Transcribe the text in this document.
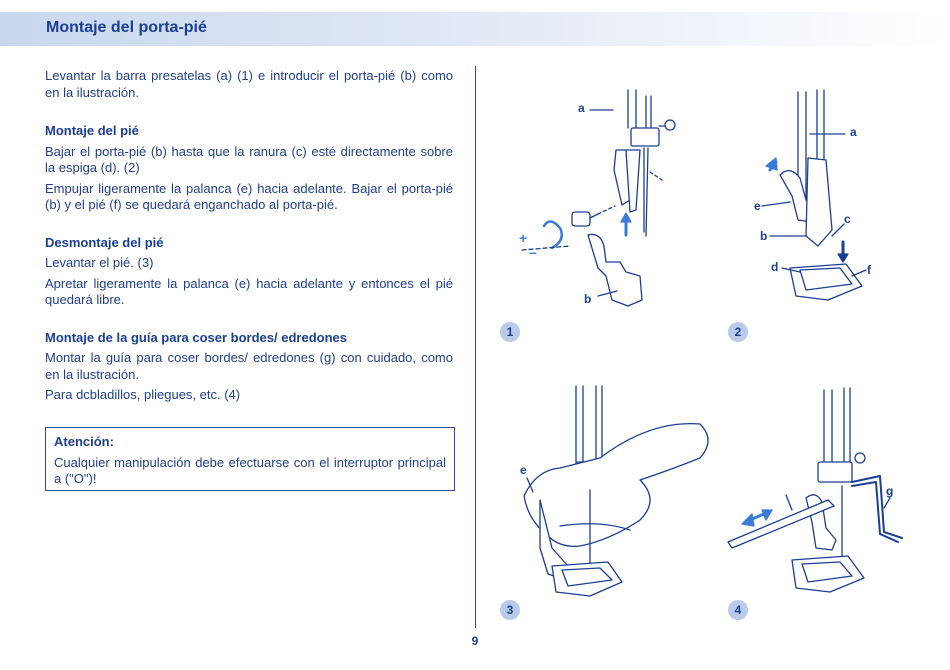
Montaje del porta-pié

Levantar la barra presatelas (a) (1) e introducir el porta-pié (b) como en la ilustración.

Montaje del pié

Bajar el porta-pié (b) hasta que la ranura (c) esté directamente sobre la espiga (d). (2)

Empujar ligeramente la palanca (e) hacia adelante. Bajar el porta-pié (b) y el pié (f) se quedará enganchado al porta-pié.

Desmontaje del pié

Levantar el pié. (3)

Apretar ligeramente la palanca (e) hacia adelante y entonces el pié quedará libre.

Montaje de la guía para coser bordes/ edredones

Montar la guía para coser bordes/ edredones (g) con cuidado, como en la ilustración.

Para dcbladillos, pliegues, etc. (4)

Atención:
Cualquier manipulación debe efectuarse con el interruptor principal a ("O")!
a
b
+
–
a
e
c
b
d	f
e
g
1	2
3	4
9
